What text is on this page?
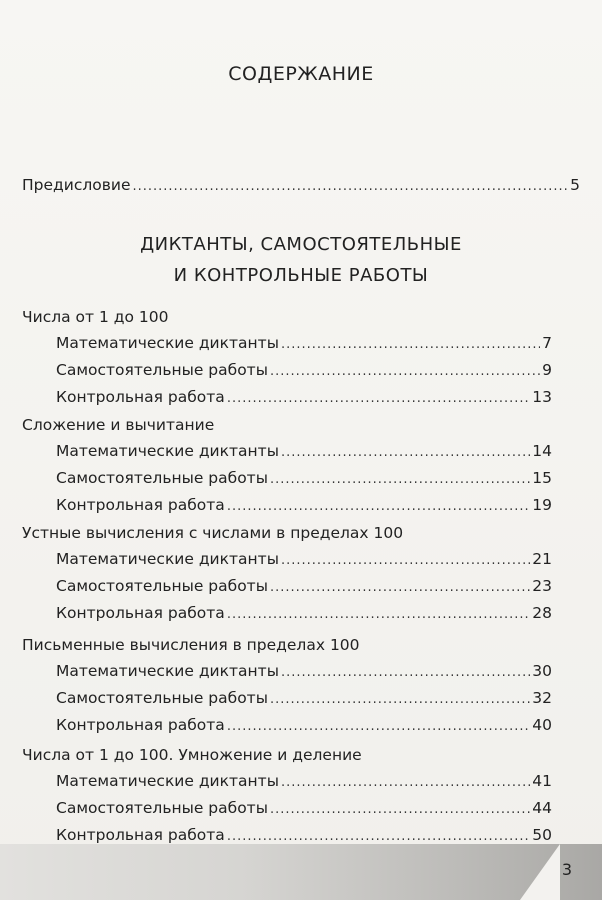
СОДЕРЖАНИЕ
Предисловие .....	5
ДИКТАНТЫ, САМОСТОЯТЕЛЬНЫЕ
И КОНТРОЛЬНЫЕ РАБОТЫ
Числа от 1 до 100
Математические диктанты .....	7
Самостоятельные работы .....	9
Контрольная работа .....	13
Сложение и вычитание
Математические диктанты .....	14
Самостоятельные работы .....	15
Контрольная работа .....	19
Устные вычисления с числами в пределах 100
Математические диктанты .....	21
Самостоятельные работы .....	23
Контрольная работа .....	28
Письменные вычисления в пределах 100
Математические диктанты .....	30
Самостоятельные работы .....	32
Контрольная работа .....	40
Числа от 1 до 100. Умножение и деление
Математические диктанты .....	41
Самостоятельные работы .....	44
Контрольная работа .....	50
3
